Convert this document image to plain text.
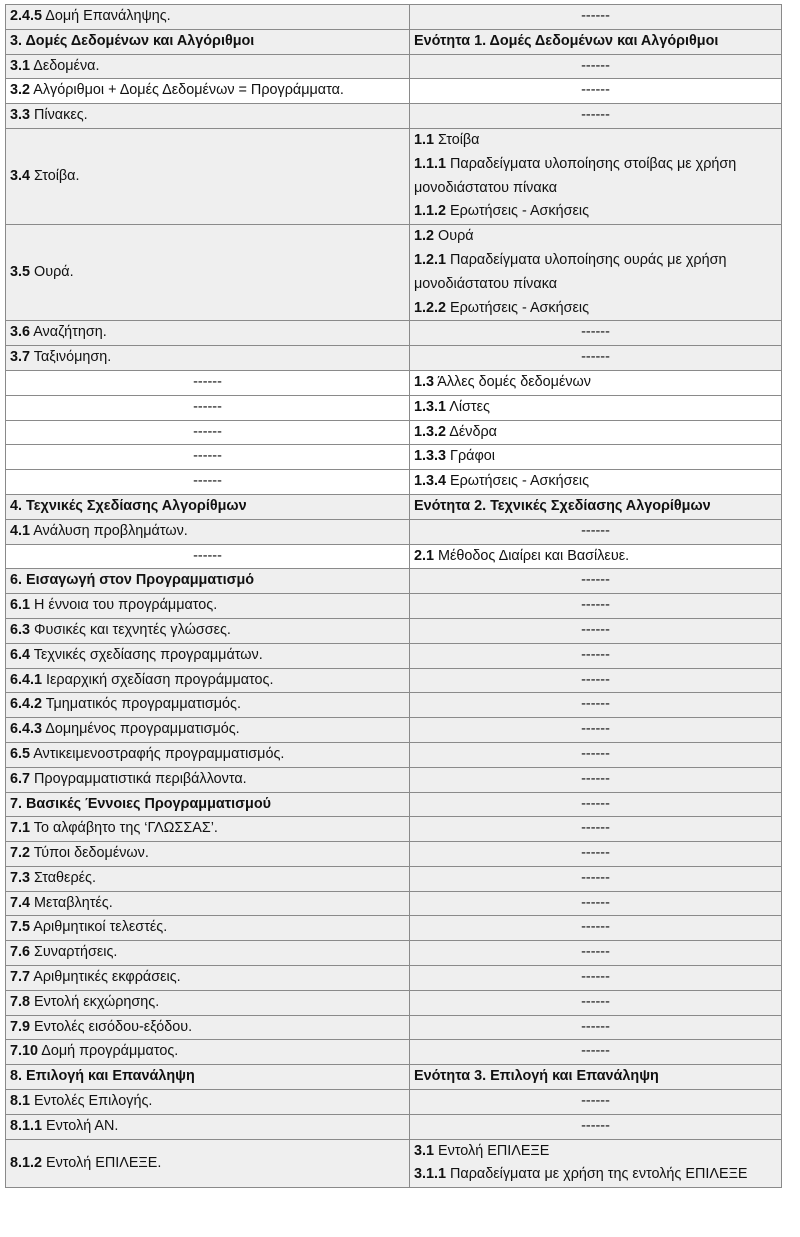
2.4.5 Δομή Επανάληψης.	------
3. Δομές Δεδομένων και Αλγόριθμοι	Ενότητα 1. Δομές Δεδομένων και Αλγόριθμοι
3.1 Δεδομένα.	------
3.2 Αλγόριθμοι + Δομές Δεδομένων = Προγράμματα.	------
3.3 Πίνακες.	------
3.4 Στοίβα.	1.1 Στοίβα
1.1.1 Παραδείγματα υλοποίησης στοίβας με χρήση μονοδιάστατου πίνακα
1.1.2 Ερωτήσεις - Ασκήσεις

3.5 Ουρά.	1.2 Ουρά
1.2.1 Παραδείγματα υλοποίησης ουράς με χρήση μονοδιάστατου πίνακα
1.2.2 Ερωτήσεις - Ασκήσεις

3.6 Αναζήτηση.	------
3.7 Ταξινόμηση.	------
------	1.3 Άλλες δομές δεδομένων
------	1.3.1 Λίστες
------	1.3.2 Δένδρα
------	1.3.3 Γράφοι
------	1.3.4 Ερωτήσεις - Ασκήσεις
4. Τεχνικές Σχεδίασης Αλγορίθμων	Ενότητα 2. Τεχνικές Σχεδίασης Αλγορίθμων
4.1 Ανάλυση προβλημάτων.	------
------	2.1 Μέθοδος Διαίρει και Βασίλευε.
6. Εισαγωγή στον Προγραμματισμό	------
6.1 Η έννοια του προγράμματος.	------
6.3 Φυσικές και τεχνητές γλώσσες.	------
6.4 Τεχνικές σχεδίασης προγραμμάτων.	------
6.4.1 Ιεραρχική σχεδίαση προγράμματος.	------
6.4.2 Τμηματικός προγραμματισμός.	------
6.4.3 Δομημένος προγραμματισμός.	------
6.5 Αντικειμενοστραφής προγραμματισμός.	------
6.7 Προγραμματιστικά περιβάλλοντα.	------
7. Βασικές Έννοιες Προγραμματισμού	------
7.1 Το αλφάβητο της ‘ΓΛΩΣΣΑΣ’.	------
7.2 Τύποι δεδομένων.	------
7.3 Σταθερές.	------
7.4 Μεταβλητές.	------
7.5 Αριθμητικοί τελεστές.	------
7.6 Συναρτήσεις.	------
7.7 Αριθμητικές εκφράσεις.	------
7.8 Εντολή εκχώρησης.	------
7.9 Εντολές εισόδου-εξόδου.	------
7.10 Δομή προγράμματος.	------
8. Επιλογή και Επανάληψη	Ενότητα 3. Επιλογή και Επανάληψη
8.1 Εντολές Επιλογής.	------
8.1.1 Εντολή ΑΝ.	------
8.1.2 Εντολή ΕΠΙΛΕΞΕ.	3.1 Εντολή ΕΠΙΛΕΞΕ
3.1.1 Παραδείγματα με χρήση της εντολής ΕΠΙΛΕΞΕ
